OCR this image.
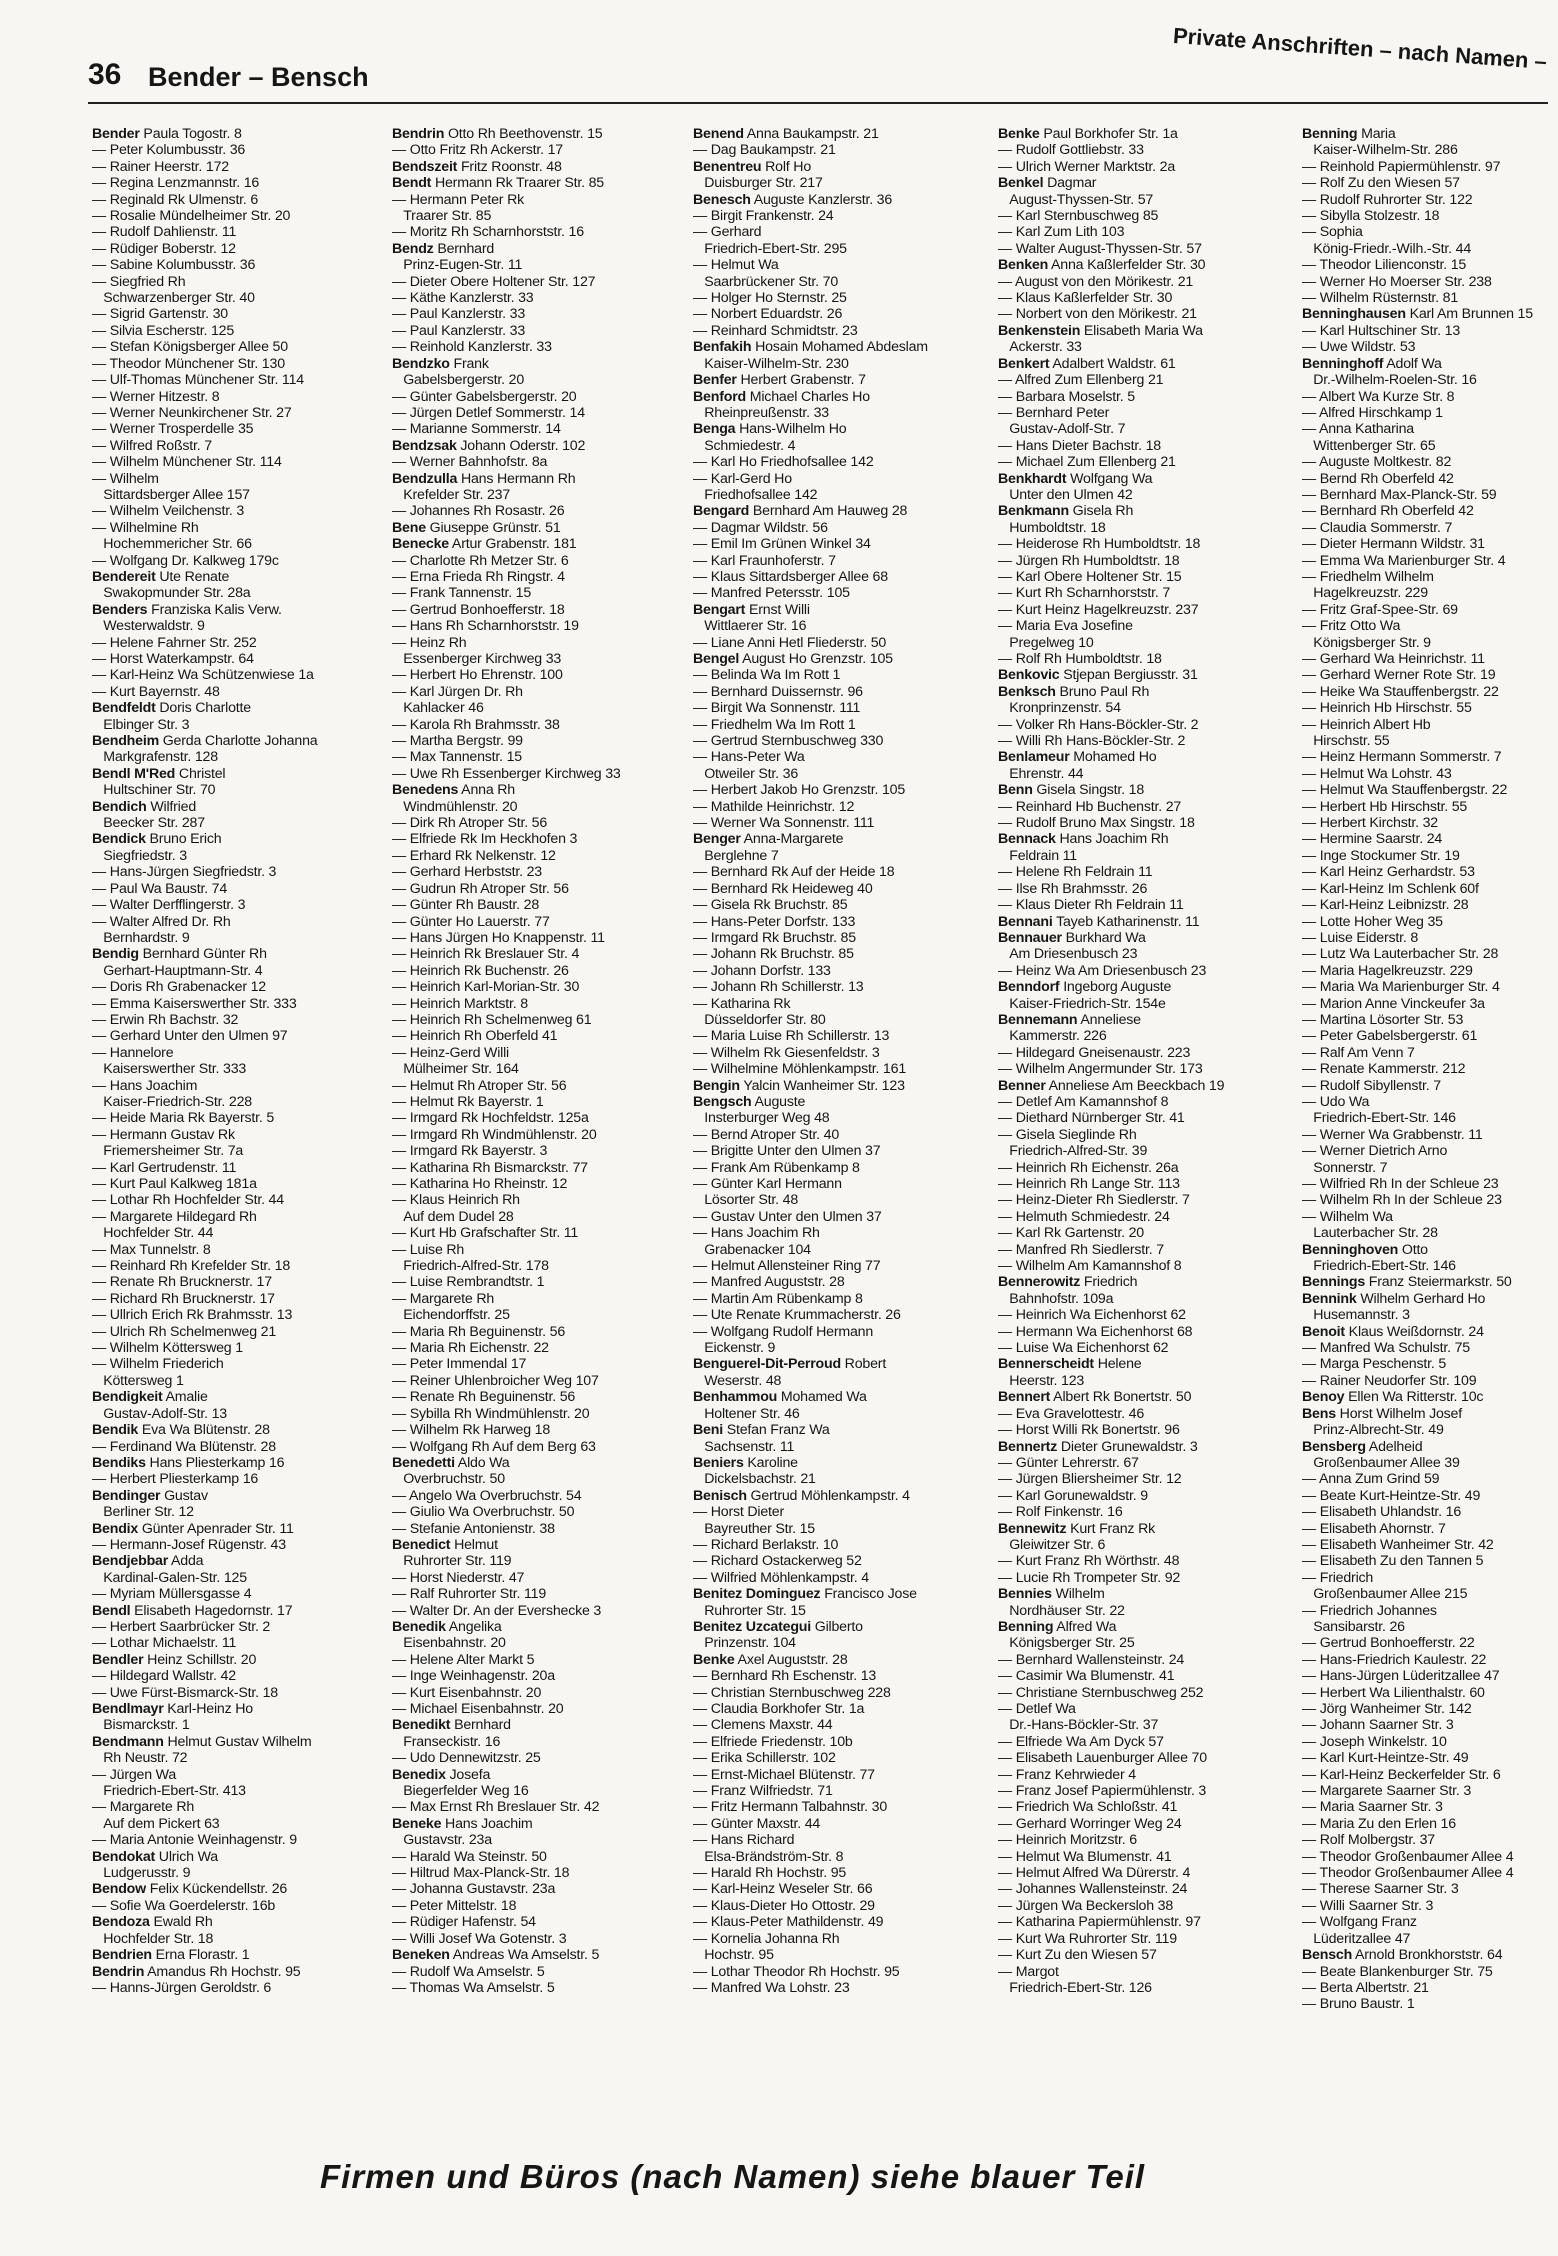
36 Bender – Bensch
Private Anschriften – nach Namen –
Bender Paula Togostr. 8
— Peter Kolumbusstr. 36
— Rainer Heerstr. 172
— Regina Lenzmannstr. 16
— Reginald Rk Ulmenstr. 6
— Rosalie Mündelheimer Str. 20
— Rudolf Dahlienstr. 11
— Rüdiger Boberstr. 12
— Sabine Kolumbusstr. 36
— Siegfried Rh
Schwarzenberger Str. 40
— Sigrid Gartenstr. 30
— Silvia Escherstr. 125
— Stefan Königsberger Allee 50
— Theodor Münchener Str. 130
— Ulf-Thomas Münchener Str. 114
— Werner Hitzestr. 8
— Werner Neunkirchener Str. 27
— Werner Trosperdelle 35
— Wilfred Roßstr. 7
— Wilhelm Münchener Str. 114
— Wilhelm
Sittardsberger Allee 157
— Wilhelm Veilchenstr. 3
— Wilhelmine Rh
Hochemmericher Str. 66
— Wolfgang Dr. Kalkweg 179c
Bendereit Ute Renate
Swakopmunder Str. 28a
Benders Franziska Kalis Verw.
Westerwaldstr. 9
— Helene Fahrner Str. 252
— Horst Waterkampstr. 64
— Karl-Heinz Wa Schützenwiese 1a
— Kurt Bayernstr. 48
Bendfeldt Doris Charlotte
Elbinger Str. 3
Bendheim Gerda Charlotte Johanna
Markgrafenstr. 128
Bendl M'Red Christel
Hultschiner Str. 70
Bendich Wilfried
Beecker Str. 287
Bendick Bruno Erich
Siegfriedstr. 3
— Hans-Jürgen Siegfriedstr. 3
— Paul Wa Baustr. 74
— Walter Derfflingerstr. 3
— Walter Alfred Dr. Rh
Bernhardstr. 9
Bendig Bernhard Günter Rh
Gerhart-Hauptmann-Str. 4
— Doris Rh Grabenacker 12
— Emma Kaiserswerther Str. 333
— Erwin Rh Bachstr. 32
— Gerhard Unter den Ulmen 97
— Hannelore
Kaiserswerther Str. 333
— Hans Joachim
Kaiser-Friedrich-Str. 228
— Heide Maria Rk Bayerstr. 5
— Hermann Gustav Rk
Friemersheimer Str. 7a
— Karl Gertrudenstr. 11
— Kurt Paul Kalkweg 181a
— Lothar Rh Hochfelder Str. 44
— Margarete Hildegard Rh
Hochfelder Str. 44
— Max Tunnelstr. 8
— Reinhard Rh Krefelder Str. 18
— Renate Rh Brucknerstr. 17
— Richard Rh Brucknerstr. 17
— Ullrich Erich Rk Brahmsstr. 13
— Ulrich Rh Schelmenweg 21
— Wilhelm Köttersweg 1
— Wilhelm Friederich
Köttersweg 1
Bendigkeit Amalie
Gustav-Adolf-Str. 13
Bendik Eva Wa Blütenstr. 28
— Ferdinand Wa Blütenstr. 28
Bendiks Hans Pliesterkamp 16
— Herbert Pliesterkamp 16
Bendinger Gustav
Berliner Str. 12
Bendix Günter Apenrader Str. 11
— Hermann-Josef Rügenstr. 43
Bendjebbar Adda
Kardinal-Galen-Str. 125
— Myriam Müllersgasse 4
Bendl Elisabeth Hagedornstr. 17
— Herbert Saarbrücker Str. 2
— Lothar Michaelstr. 11
Bendler Heinz Schillstr. 20
— Hildegard Wallstr. 42
— Uwe Fürst-Bismarck-Str. 18
Bendlmayr Karl-Heinz Ho
Bismarckstr. 1
Bendmann Helmut Gustav Wilhelm
Rh Neustr. 72
— Jürgen Wa
Friedrich-Ebert-Str. 413
— Margarete Rh
Auf dem Pickert 63
— Maria Antonie Weinhagenstr. 9
Bendokat Ulrich Wa
Ludgerusstr. 9
Bendow Felix Kückendellstr. 26
— Sofie Wa Goerdelerstr. 16b
Bendoza Ewald Rh
Hochfelder Str. 18
Bendrien Erna Florastr. 1
Bendrin Amandus Rh Hochstr. 95
— Hanns-Jürgen Geroldstr. 6
Bendrin Otto Rh Beethovenstr. 15
— Otto Fritz Rh Ackerstr. 17
Bendszeit Fritz Roonstr. 48
Bendt Hermann Rk Traarer Str. 85
— Hermann Peter Rk
Traarer Str. 85
— Moritz Rh Scharnhorststr. 16
Bendz Bernhard
Prinz-Eugen-Str. 11
— Dieter Obere Holtener Str. 127
— Käthe Kanzlerstr. 33
— Paul Kanzlerstr. 33
— Paul Kanzlerstr. 33
— Reinhold Kanzlerstr. 33
Bendzko Frank
Gabelsbergerstr. 20
— Günter Gabelsbergerstr. 20
— Jürgen Detlef Sommerstr. 14
— Marianne Sommerstr. 14
Bendzsak Johann Oderstr. 102
— Werner Bahnhofstr. 8a
Bendzulla Hans Hermann Rh
Krefelder Str. 237
— Johannes Rh Rosastr. 26
Bene Giuseppe Grünstr. 51
Benecke Artur Grabenstr. 181
— Charlotte Rh Metzer Str. 6
— Erna Frieda Rh Ringstr. 4
— Frank Tannenstr. 15
— Gertrud Bonhoefferstr. 18
— Hans Rh Scharnhorststr. 19
— Heinz Rh
Essenberger Kirchweg 33
— Herbert Ho Ehrenstr. 100
— Karl Jürgen Dr. Rh
Kahlacker 46
— Karola Rh Brahmsstr. 38
— Martha Bergstr. 99
— Max Tannenstr. 15
— Uwe Rh Essenberger Kirchweg 33
Benedens Anna Rh
Windmühlenstr. 20
— Dirk Rh Atroper Str. 56
— Elfriede Rk Im Heckhofen 3
— Erhard Rk Nelkenstr. 12
— Gerhard Herbststr. 23
— Gudrun Rh Atroper Str. 56
— Günter Rh Baustr. 28
— Günter Ho Lauerstr. 77
— Hans Jürgen Ho Knappenstr. 11
— Heinrich Rk Breslauer Str. 4
— Heinrich Rk Buchenstr. 26
— Heinrich Karl-Morian-Str. 30
— Heinrich Marktstr. 8
— Heinrich Rh Schelmenweg 61
— Heinrich Rh Oberfeld 41
— Heinz-Gerd Willi
Mülheimer Str. 164
— Helmut Rh Atroper Str. 56
— Helmut Rk Bayerstr. 1
— Irmgard Rk Hochfeldstr. 125a
— Irmgard Rh Windmühlenstr. 20
— Irmgard Rk Bayerstr. 3
— Katharina Rh Bismarckstr. 77
— Katharina Ho Rheinstr. 12
— Klaus Heinrich Rh
Auf dem Dudel 28
— Kurt Hb Grafschafter Str. 11
— Luise Rh
Friedrich-Alfred-Str. 178
— Luise Rembrandtstr. 1
— Margarete Rh
Eichendorffstr. 25
— Maria Rh Beguinenstr. 56
— Maria Rh Eichenstr. 22
— Peter Immendal 17
— Reiner Uhlenbroicher Weg 107
— Renate Rh Beguinenstr. 56
— Sybilla Rh Windmühlenstr. 20
— Wilhelm Rk Harweg 18
— Wolfgang Rh Auf dem Berg 63
Benedetti Aldo Wa
Overbruchstr. 50
— Angelo Wa Overbruchstr. 54
— Giulio Wa Overbruchstr. 50
— Stefanie Antonienstr. 38
Benedict Helmut
Ruhrorter Str. 119
— Horst Niederstr. 47
— Ralf Ruhrorter Str. 119
— Walter Dr. An der Evershecke 3
Benedik Angelika
Eisenbahnstr. 20
— Helene Alter Markt 5
— Inge Weinhagenstr. 20a
— Kurt Eisenbahnstr. 20
— Michael Eisenbahnstr. 20
Benedikt Bernhard
Franseckistr. 16
— Udo Dennewitzstr. 25
Benedix Josefa
Biegerfelder Weg 16
— Max Ernst Rh Breslauer Str. 42
Beneke Hans Joachim
Gustavstr. 23a
— Harald Wa Steinstr. 50
— Hiltrud Max-Planck-Str. 18
— Johanna Gustavstr. 23a
— Peter Mittelstr. 18
— Rüdiger Hafenstr. 54
— Willi Josef Wa Gotenstr. 3
Beneken Andreas Wa Amselstr. 5
— Rudolf Wa Amselstr. 5
— Thomas Wa Amselstr. 5
Benend Anna Baukampstr. 21
— Dag Baukampstr. 21
Benentreu Rolf Ho
Duisburger Str. 217
Benesch Auguste Kanzlerstr. 36
— Birgit Frankenstr. 24
— Gerhard
Friedrich-Ebert-Str. 295
— Helmut Wa
Saarbrückener Str. 70
— Holger Ho Sternstr. 25
— Norbert Eduardstr. 26
— Reinhard Schmidtstr. 23
Benfakih Hosain Mohamed Abdeslam
Kaiser-Wilhelm-Str. 230
Benfer Herbert Grabenstr. 7
Benford Michael Charles Ho
Rheinpreußenstr. 33
Benga Hans-Wilhelm Ho
Schmiedestr. 4
— Karl Ho Friedhofsallee 142
— Karl-Gerd Ho
Friedhofsallee 142
Bengard Bernhard Am Hauweg 28
— Dagmar Wildstr. 56
— Emil Im Grünen Winkel 34
— Karl Fraunhoferstr. 7
— Klaus Sittardsberger Allee 68
— Manfred Petersstr. 105
Bengart Ernst Willi
Wittlaerer Str. 16
— Liane Anni Hetl Fliederstr. 50
Bengel August Ho Grenzstr. 105
— Belinda Wa Im Rott 1
— Bernhard Duissernstr. 96
— Birgit Wa Sonnenstr. 111
— Friedhelm Wa Im Rott 1
— Gertrud Sternbuschweg 330
— Hans-Peter Wa
Otweiler Str. 36
— Herbert Jakob Ho Grenzstr. 105
— Mathilde Heinrichstr. 12
— Werner Wa Sonnenstr. 111
Benger Anna-Margarete
Berglehne 7
— Bernhard Rk Auf der Heide 18
— Bernhard Rk Heideweg 40
— Gisela Rk Bruchstr. 85
— Hans-Peter Dorfstr. 133
— Irmgard Rk Bruchstr. 85
— Johann Rk Bruchstr. 85
— Johann Dorfstr. 133
— Johann Rh Schillerstr. 13
— Katharina Rk
Düsseldorfer Str. 80
— Maria Luise Rh Schillerstr. 13
— Wilhelm Rk Giesenfeldstr. 3
— Wilhelmine Möhlenkampstr. 161
Bengin Yalcin Wanheimer Str. 123
Bengsch Auguste
Insterburger Weg 48
— Bernd Atroper Str. 40
— Brigitte Unter den Ulmen 37
— Frank Am Rübenkamp 8
— Günter Karl Hermann
Lösorter Str. 48
— Gustav Unter den Ulmen 37
— Hans Joachim Rh
Grabenacker 104
— Helmut Allensteiner Ring 77
— Manfred Auguststr. 28
— Martin Am Rübenkamp 8
— Ute Renate Krummacherstr. 26
— Wolfgang Rudolf Hermann
Eickenstr. 9
Benguerel-Dit-Perroud Robert
Weserstr. 48
Benhammou Mohamed Wa
Holtener Str. 46
Beni Stefan Franz Wa
Sachsenstr. 11
Beniers Karoline
Dickelsbachstr. 21
Benisch Gertrud Möhlenkampstr. 4
— Horst Dieter
Bayreuther Str. 15
— Richard Berlakstr. 10
— Richard Ostackerweg 52
— Wilfried Möhlenkampstr. 4
Benitez Dominguez Francisco Jose
Ruhrorter Str. 15
Benitez Uzcategui Gilberto
Prinzenstr. 104
Benke Axel Auguststr. 28
— Bernhard Rh Eschenstr. 13
— Christian Sternbuschweg 228
— Claudia Borkhofer Str. 1a
— Clemens Maxstr. 44
— Elfriede Friedenstr. 10b
— Erika Schillerstr. 102
— Ernst-Michael Blütenstr. 77
— Franz Wilfriedstr. 71
— Fritz Hermann Talbahnstr. 30
— Günter Maxstr. 44
— Hans Richard
Elsa-Brändström-Str. 8
— Harald Rh Hochstr. 95
— Karl-Heinz Weseler Str. 66
— Klaus-Dieter Ho Ottostr. 29
— Klaus-Peter Mathildenstr. 49
— Kornelia Johanna Rh
Hochstr. 95
— Lothar Theodor Rh Hochstr. 95
— Manfred Wa Lohstr. 23
Benke Paul Borkhofer Str. 1a
— Rudolf Gottliebstr. 33
— Ulrich Werner Marktstr. 2a
Benkel Dagmar
August-Thyssen-Str. 57
— Karl Sternbuschweg 85
— Karl Zum Lith 103
— Walter August-Thyssen-Str. 57
Benken Anna Kaßlerfelder Str. 30
— August von den Mörikestr. 21
— Klaus Kaßlerfelder Str. 30
— Norbert von den Mörikestr. 21
Benkenstein Elisabeth Maria Wa
Ackerstr. 33
Benkert Adalbert Waldstr. 61
— Alfred Zum Ellenberg 21
— Barbara Moselstr. 5
— Bernhard Peter
Gustav-Adolf-Str. 7
— Hans Dieter Bachstr. 18
— Michael Zum Ellenberg 21
Benkhardt Wolfgang Wa
Unter den Ulmen 42
Benkmann Gisela Rh
Humboldtstr. 18
— Heiderose Rh Humboldtstr. 18
— Jürgen Rh Humboldtstr. 18
— Karl Obere Holtener Str. 15
— Kurt Rh Scharnhorststr. 7
— Kurt Heinz Hagelkreuzstr. 237
— Maria Eva Josefine
Pregelweg 10
— Rolf Rh Humboldtstr. 18
Benkovic Stjepan Bergiusstr. 31
Benksch Bruno Paul Rh
Kronprinzenstr. 54
— Volker Rh Hans-Böckler-Str. 2
— Willi Rh Hans-Böckler-Str. 2
Benlameur Mohamed Ho
Ehrenstr. 44
Benn Gisela Singstr. 18
— Reinhard Hb Buchenstr. 27
— Rudolf Bruno Max Singstr. 18
Bennack Hans Joachim Rh
Feldrain 11
— Helene Rh Feldrain 11
— Ilse Rh Brahmsstr. 26
— Klaus Dieter Rh Feldrain 11
Bennani Tayeb Katharinenstr. 11
Bennauer Burkhard Wa
Am Driesenbusch 23
— Heinz Wa Am Driesenbusch 23
Benndorf Ingeborg Auguste
Kaiser-Friedrich-Str. 154e
Bennemann Anneliese
Kammerstr. 226
— Hildegard Gneisenaustr. 223
— Wilhelm Angermunder Str. 173
Benner Anneliese Am Beeckbach 19
— Detlef Am Kamannshof 8
— Diethard Nürnberger Str. 41
— Gisela Sieglinde Rh
Friedrich-Alfred-Str. 39
— Heinrich Rh Eichenstr. 26a
— Heinrich Rh Lange Str. 113
— Heinz-Dieter Rh Siedlerstr. 7
— Helmuth Schmiedestr. 24
— Karl Rk Gartenstr. 20
— Manfred Rh Siedlerstr. 7
— Wilhelm Am Kamannshof 8
Bennerowitz Friedrich
Bahnhofstr. 109a
— Heinrich Wa Eichenhorst 62
— Hermann Wa Eichenhorst 68
— Luise Wa Eichenhorst 62
Bennerscheidt Helene
Heerstr. 123
Bennert Albert Rk Bonertstr. 50
— Eva Gravelottestr. 46
— Horst Willi Rk Bonertstr. 96
Bennertz Dieter Grunewaldstr. 3
— Günter Lehrerstr. 67
— Jürgen Bliersheimer Str. 12
— Karl Gorunewaldstr. 9
— Rolf Finkenstr. 16
Bennewitz Kurt Franz Rk
Gleiwitzer Str. 6
— Kurt Franz Rh Wörthstr. 48
— Lucie Rh Trompeter Str. 92
Bennies Wilhelm
Nordhäuser Str. 22
Benning Alfred Wa
Königsberger Str. 25
— Bernhard Wallensteinstr. 24
— Casimir Wa Blumenstr. 41
— Christiane Sternbuschweg 252
— Detlef Wa
Dr.-Hans-Böckler-Str. 37
— Elfriede Wa Am Dyck 57
— Elisabeth Lauenburger Allee 70
— Franz Kehrwieder 4
— Franz Josef Papiermühlenstr. 3
— Friedrich Wa Schloßstr. 41
— Gerhard Worringer Weg 24
— Heinrich Moritzstr. 6
— Helmut Wa Blumenstr. 41
— Helmut Alfred Wa Dürerstr. 4
— Johannes Wallensteinstr. 24
— Jürgen Wa Beckersloh 38
— Katharina Papiermühlenstr. 97
— Kurt Wa Ruhrorter Str. 119
— Kurt Zu den Wiesen 57
— Margot
Friedrich-Ebert-Str. 126
Benning Maria
Kaiser-Wilhelm-Str. 286
— Reinhold Papiermühlenstr. 97
— Rolf Zu den Wiesen 57
— Rudolf Ruhrorter Str. 122
— Sibylla Stolzestr. 18
— Sophia
König-Friedr.-Wilh.-Str. 44
— Theodor Lilienconstr. 15
— Werner Ho Moerser Str. 238
— Wilhelm Rüsternstr. 81
Benninghausen Karl Am Brunnen 15
— Karl Hultschiner Str. 13
— Uwe Wildstr. 53
Benninghoff Adolf Wa
Dr.-Wilhelm-Roelen-Str. 16
— Albert Wa Kurze Str. 8
— Alfred Hirschkamp 1
— Anna Katharina
Wittenberger Str. 65
— Auguste Moltkestr. 82
— Bernd Rh Oberfeld 42
— Bernhard Max-Planck-Str. 59
— Bernhard Rh Oberfeld 42
— Claudia Sommerstr. 7
— Dieter Hermann Wildstr. 31
— Emma Wa Marienburger Str. 4
— Friedhelm Wilhelm
Hagelkreuzstr. 229
— Fritz Graf-Spee-Str. 69
— Fritz Otto Wa
Königsberger Str. 9
— Gerhard Wa Heinrichstr. 11
— Gerhard Werner Rote Str. 19
— Heike Wa Stauffenbergstr. 22
— Heinrich Hb Hirschstr. 55
— Heinrich Albert Hb
Hirschstr. 55
— Heinz Hermann Sommerstr. 7
— Helmut Wa Lohstr. 43
— Helmut Wa Stauffenbergstr. 22
— Herbert Hb Hirschstr. 55
— Herbert Kirchstr. 32
— Hermine Saarstr. 24
— Inge Stockumer Str. 19
— Karl Heinz Gerhardstr. 53
— Karl-Heinz Im Schlenk 60f
— Karl-Heinz Leibnizstr. 28
— Lotte Hoher Weg 35
— Luise Eiderstr. 8
— Lutz Wa Lauterbacher Str. 28
— Maria Hagelkreuzstr. 229
— Maria Wa Marienburger Str. 4
— Marion Anne Vinckeufer 3a
— Martina Lösorter Str. 53
— Peter Gabelsbergerstr. 61
— Ralf Am Venn 7
— Renate Kammerstr. 212
— Rudolf Sibyllenstr. 7
— Udo Wa
Friedrich-Ebert-Str. 146
— Werner Wa Grabbenstr. 11
— Werner Dietrich Arno
Sonnerstr. 7
— Wilfried Rh In der Schleue 23
— Wilhelm Rh In der Schleue 23
— Wilhelm Wa
Lauterbacher Str. 28
Benninghoven Otto
Friedrich-Ebert-Str. 146
Bennings Franz Steiermarkstr. 50
Bennink Wilhelm Gerhard Ho
Husemannstr. 3
Benoit Klaus Weißdornstr. 24
— Manfred Wa Schulstr. 75
— Marga Peschenstr. 5
— Rainer Neudorfer Str. 109
Benoy Ellen Wa Ritterstr. 10c
Bens Horst Wilhelm Josef
Prinz-Albrecht-Str. 49
Bensberg Adelheid
Großenbaumer Allee 39
— Anna Zum Grind 59
— Beate Kurt-Heintze-Str. 49
— Elisabeth Uhlandstr. 16
— Elisabeth Ahornstr. 7
— Elisabeth Wanheimer Str. 42
— Elisabeth Zu den Tannen 5
— Friedrich
Großenbaumer Allee 215
— Friedrich Johannes
Sansibarstr. 26
— Gertrud Bonhoefferstr. 22
— Hans-Friedrich Kaulestr. 22
— Hans-Jürgen Lüderitzallee 47
— Herbert Wa Lilienthalstr. 60
— Jörg Wanheimer Str. 142
— Johann Saarner Str. 3
— Joseph Winkelstr. 10
— Karl Kurt-Heintze-Str. 49
— Karl-Heinz Beckerfelder Str. 6
— Margarete Saarner Str. 3
— Maria Saarner Str. 3
— Maria Zu den Erlen 16
— Rolf Molbergstr. 37
— Theodor Großenbaumer Allee 4
— Theodor Großenbaumer Allee 4
— Therese Saarner Str. 3
— Willi Saarner Str. 3
— Wolfgang Franz
Lüderitzallee 47
Bensch Arnold Bronkhorststr. 64
— Beate Blankenburger Str. 75
— Berta Albertstr. 21
— Bruno Baustr. 1
Firmen und Büros (nach Namen) siehe blauer Teil
